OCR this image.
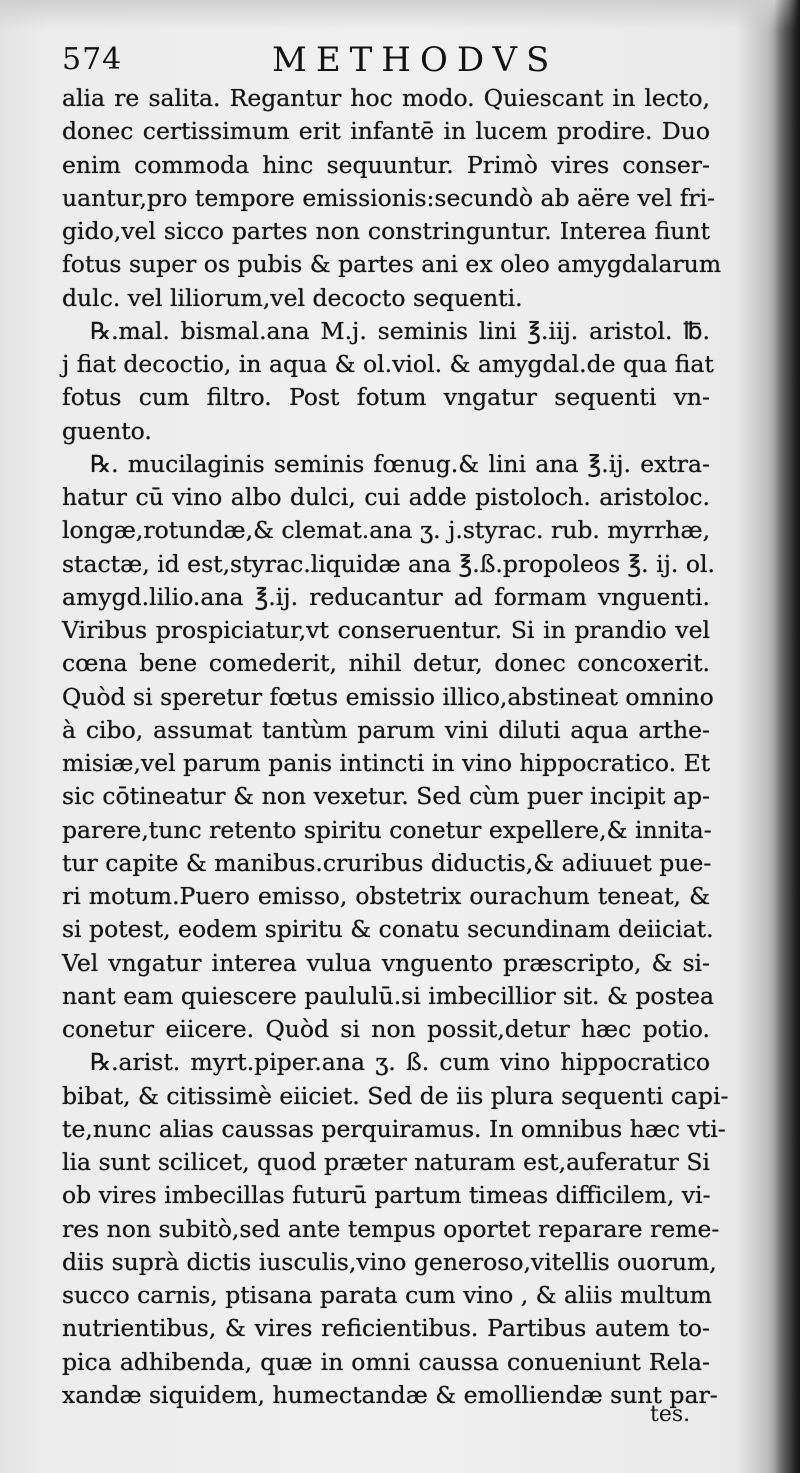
574	METHODVS
alia re salita. Regantur hoc modo. Quiescant in lecto,
donec certissimum erit infantē in lucem prodire. Duo
enim commoda hinc sequuntur. Primò vires conser-
uantur,pro tempore emissionis:secundò ab aëre vel fri-
gido,vel sicco partes non constringuntur. Interea fiunt
fotus super os pubis & partes ani ex oleo amygdalarum
dulc. vel liliorum,vel decocto sequenti.
℞.mal. bismal.ana M.j. seminis lini ℥.iij. aristol. ℔.
j fiat decoctio, in aqua & ol.viol. & amygdal.de qua fiat
fotus cum filtro. Post fotum vngatur sequenti vn-
guento.
℞. mucilaginis seminis fœnug.& lini ana ℥.ij. extra-
hatur cū vino albo dulci, cui adde pistoloch. aristoloc.
longæ,rotundæ,& clemat.ana ʒ. j.styrac. rub. myrrhæ,
stactæ, id est,styrac.liquidæ ana ℥.ß.propoleos ℥. ij. ol.
amygd.lilio.ana ℥.ij. reducantur ad formam vnguenti.
Viribus prospiciatur,vt conseruentur. Si in prandio vel
cœna bene comederit, nihil detur, donec concoxerit.
Quòd si speretur fœtus emissio illico,abstineat omnino
à cibo, assumat tantùm parum vini diluti aqua arthe-
misiæ,vel parum panis intincti in vino hippocratico. Et
sic cōtineatur & non vexetur. Sed cùm puer incipit ap-
parere,tunc retento spiritu conetur expellere,& innita-
tur capite & manibus.cruribus diductis,& adiuuet pue-
ri motum.Puero emisso, obstetrix ourachum teneat, &
si potest, eodem spiritu & conatu secundinam deiiciat.
Vel vngatur interea vulua vnguento præscripto, & si-
nant eam quiescere paululū.si imbecillior sit. & postea
conetur eiicere. Quòd si non possit,detur hæc potio.
℞.arist. myrt.piper.ana ʒ. ß. cum vino hippocratico
bibat, & citissimè eiiciet. Sed de iis plura sequenti capi-
te,nunc alias caussas perquiramus. In omnibus hæc vti-
lia sunt scilicet, quod præter naturam est,auferatur Si
ob vires imbecillas futurū partum timeas difficilem, vi-
res non subitò,sed ante tempus oportet reparare reme-
diis suprà dictis iusculis,vino generoso,vitellis ouorum,
succo carnis, ptisana parata cum vino , & aliis multum
nutrientibus, & vires reficientibus. Partibus autem to-
pica adhibenda, quæ in omni caussa conueniunt Rela-
xandæ siquidem, humectandæ & emolliendæ sunt par-
tes.
